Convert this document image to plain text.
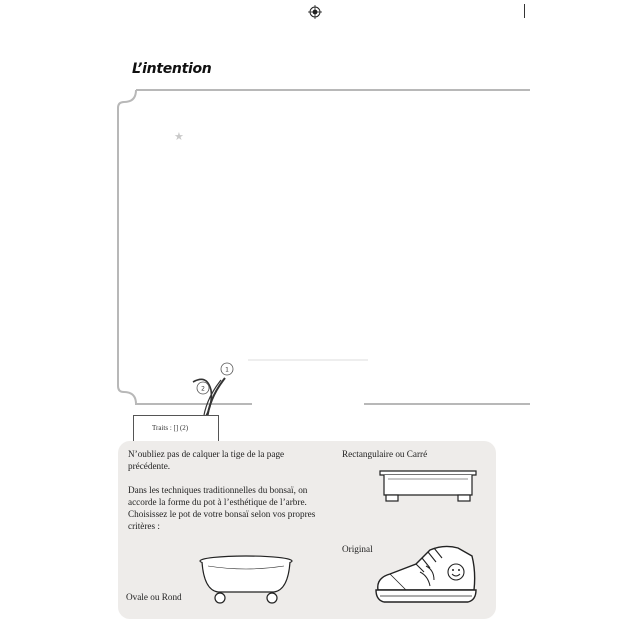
L’intention
★
1
2
Traits : [] (2)

N’oubliez pas de calquer la tige de la page précédente.

Dans les techniques traditionnelles du bonsaï, on accorde la forme du pot à l’esthétique de l’arbre. Choisissez le pot de votre bonsaï selon vos propres critères :

Rectangulaire ou Carré
Original
Ovale ou Rond
